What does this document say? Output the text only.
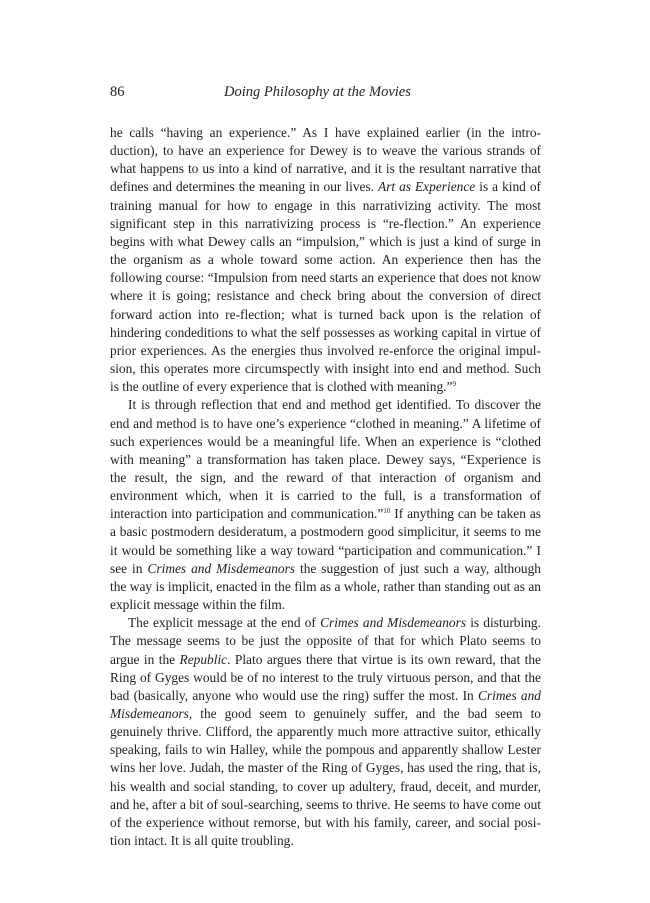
86	Doing Philosophy at the Movies

he calls “having an experience.” As I have explained earlier (in the introduction), to have an experience for Dewey is to weave the various strands of what happens to us into a kind of narrative, and it is the resultant narrative that defines and determines the meaning in our lives. Art as Experience is a kind of training manual for how to engage in this narrativizing activity. The most significant step in this narrativizing process is “re-flection.” An experience begins with what Dewey calls an “impulsion,” which is just a kind of surge in the organism as a whole toward some action. An experience then has the following course: “Impulsion from need starts an experience that does not know where it is going; resistance and check bring about the conversion of direct forward action into re-flection; what is turned back upon is the relation of hindering condeditions to what the self possesses as working capital in virtue of prior experiences. As the energies thus involved re-enforce the original impulsion, this operates more circumspectly with insight into end and method. Such is the outline of every experience that is clothed with meaning.”$^9$

It is through reflection that end and method get identified. To discover the end and method is to have one’s experience “clothed in meaning.” A lifetime of such experiences would be a meaningful life. When an experience is “clothed with meaning” a transformation has taken place. Dewey says, “Experience is the result, the sign, and the reward of that interaction of organism and environment which, when it is carried to the full, is a transformation of interaction into participation and communication.”$^{10}$ If anything can be taken as a basic postmodern desideratum, a postmodern good simplicitur, it seems to me it would be something like a way toward “participation and communication.” I see in Crimes and Misdemeanors the suggestion of just such a way, although the way is implicit, enacted in the film as a whole, rather than standing out as an explicit message within the film.

The explicit message at the end of Crimes and Misdemeanors is disturbing. The message seems to be just the opposite of that for which Plato seems to argue in the Republic. Plato argues there that virtue is its own reward, that the Ring of Gyges would be of no interest to the truly virtuous person, and that the bad (basically, anyone who would use the ring) suffer the most. In Crimes and Misdemeanors, the good seem to genuinely suffer, and the bad seem to genuinely thrive. Clifford, the apparently much more attractive suitor, ethically speaking, fails to win Halley, while the pompous and apparently shallow Lester wins her love. Judah, the master of the Ring of Gyges, has used the ring, that is, his wealth and social standing, to cover up adultery, fraud, deceit, and murder, and he, after a bit of soul-searching, seems to thrive. He seems to have come out of the experience without remorse, but with his family, career, and social position intact. It is all quite troubling.
